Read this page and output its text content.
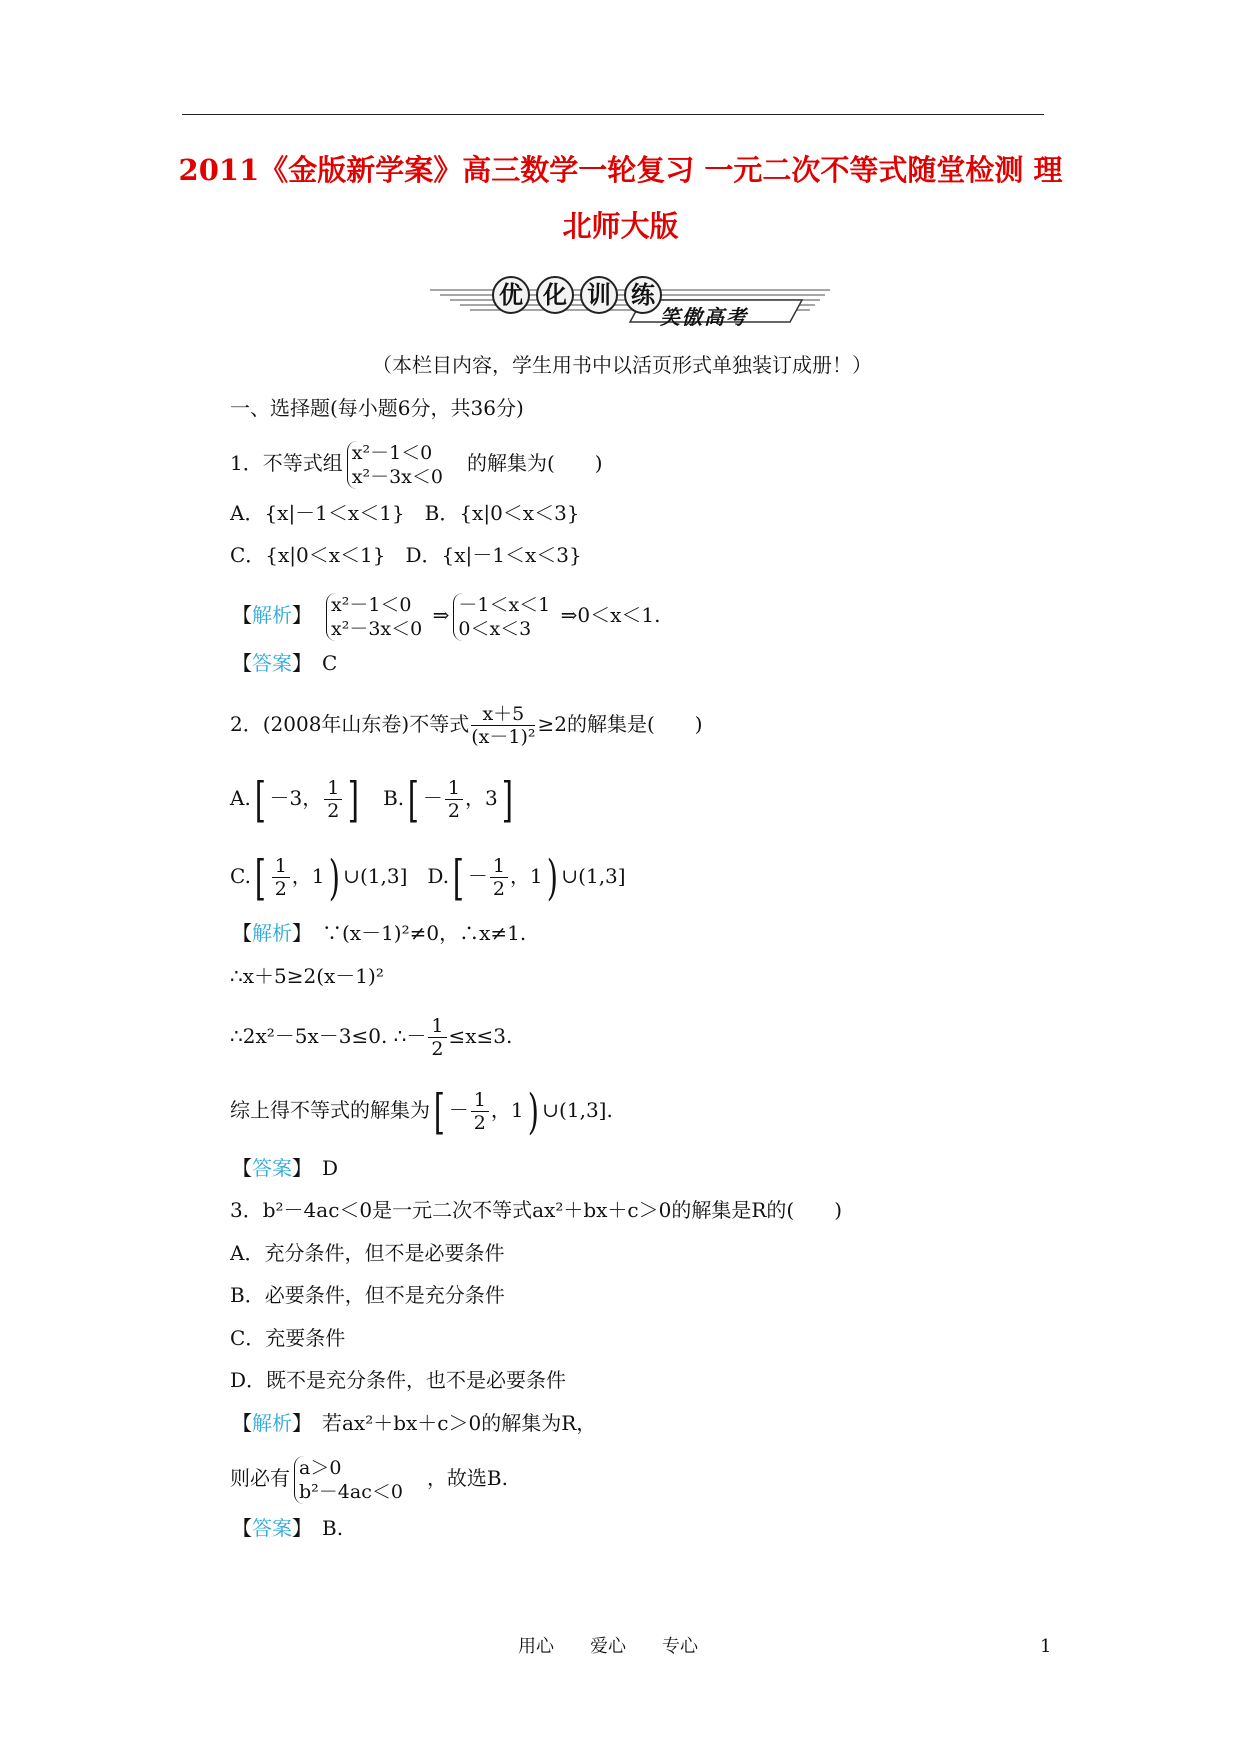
2011《金版新学案》高三数学一轮复习 一元二次不等式随堂检测 理
北师大版
优 化 训 练
笑傲高考
（本栏目内容，学生用书中以活页形式单独装订成册！）
一、选择题(每小题6分，共36分)
1．不等式组 x²－1＜0
x²－3x＜0
　的解集为(　　)
A．{x|－1＜x＜1}　 B．{x|0＜x＜3}
C．{x|0＜x＜1}　 D．{x|－1＜x＜3}
【解析】　 x²－1＜0
x²－3x＜0
⇒ －1＜x＜1
0＜x＜3
⇒0＜x＜1.
【答案】　 C
2．(2008年山东卷)不等式 $\frac{x+5}{\text{(x－1)²}} \ge 2$的解集是(　　)
A.[ －3， $\frac{1}{2}$ ]　 $B.[ - \frac{1}{2}$ ，3]
$C.[ \frac{1}{2}$ ，1) ∪(1,3]　 $D.[ - \frac{1}{2}$ ，1) ∪(1,3]
【解析】　 ∵(x－1)²≠0，∴x≠1.
∴x＋5≥2(x－1)²
∴2x²－5x－3≤0. ∴－ $\frac{1}{2} \le x\le 3$.
综上得不等式的解集为[ － $\frac{1}{2}$ ，1) ∪(1,3].
【答案】　 D
3．b²－4ac＜0是一元二次不等式ax²＋bx＋c＞0的解集是R的(　　)
A．充分条件，但不是必要条件
B．必要条件，但不是充分条件
C．充要条件
D．既不是充分条件，也不是必要条件
【解析】　 若ax²＋bx＋c＞0的解集为R，
则必有 a＞0
b²－4ac＜0
　，故选B.
【答案】　 B.
用心　　爱心　　专心	1
